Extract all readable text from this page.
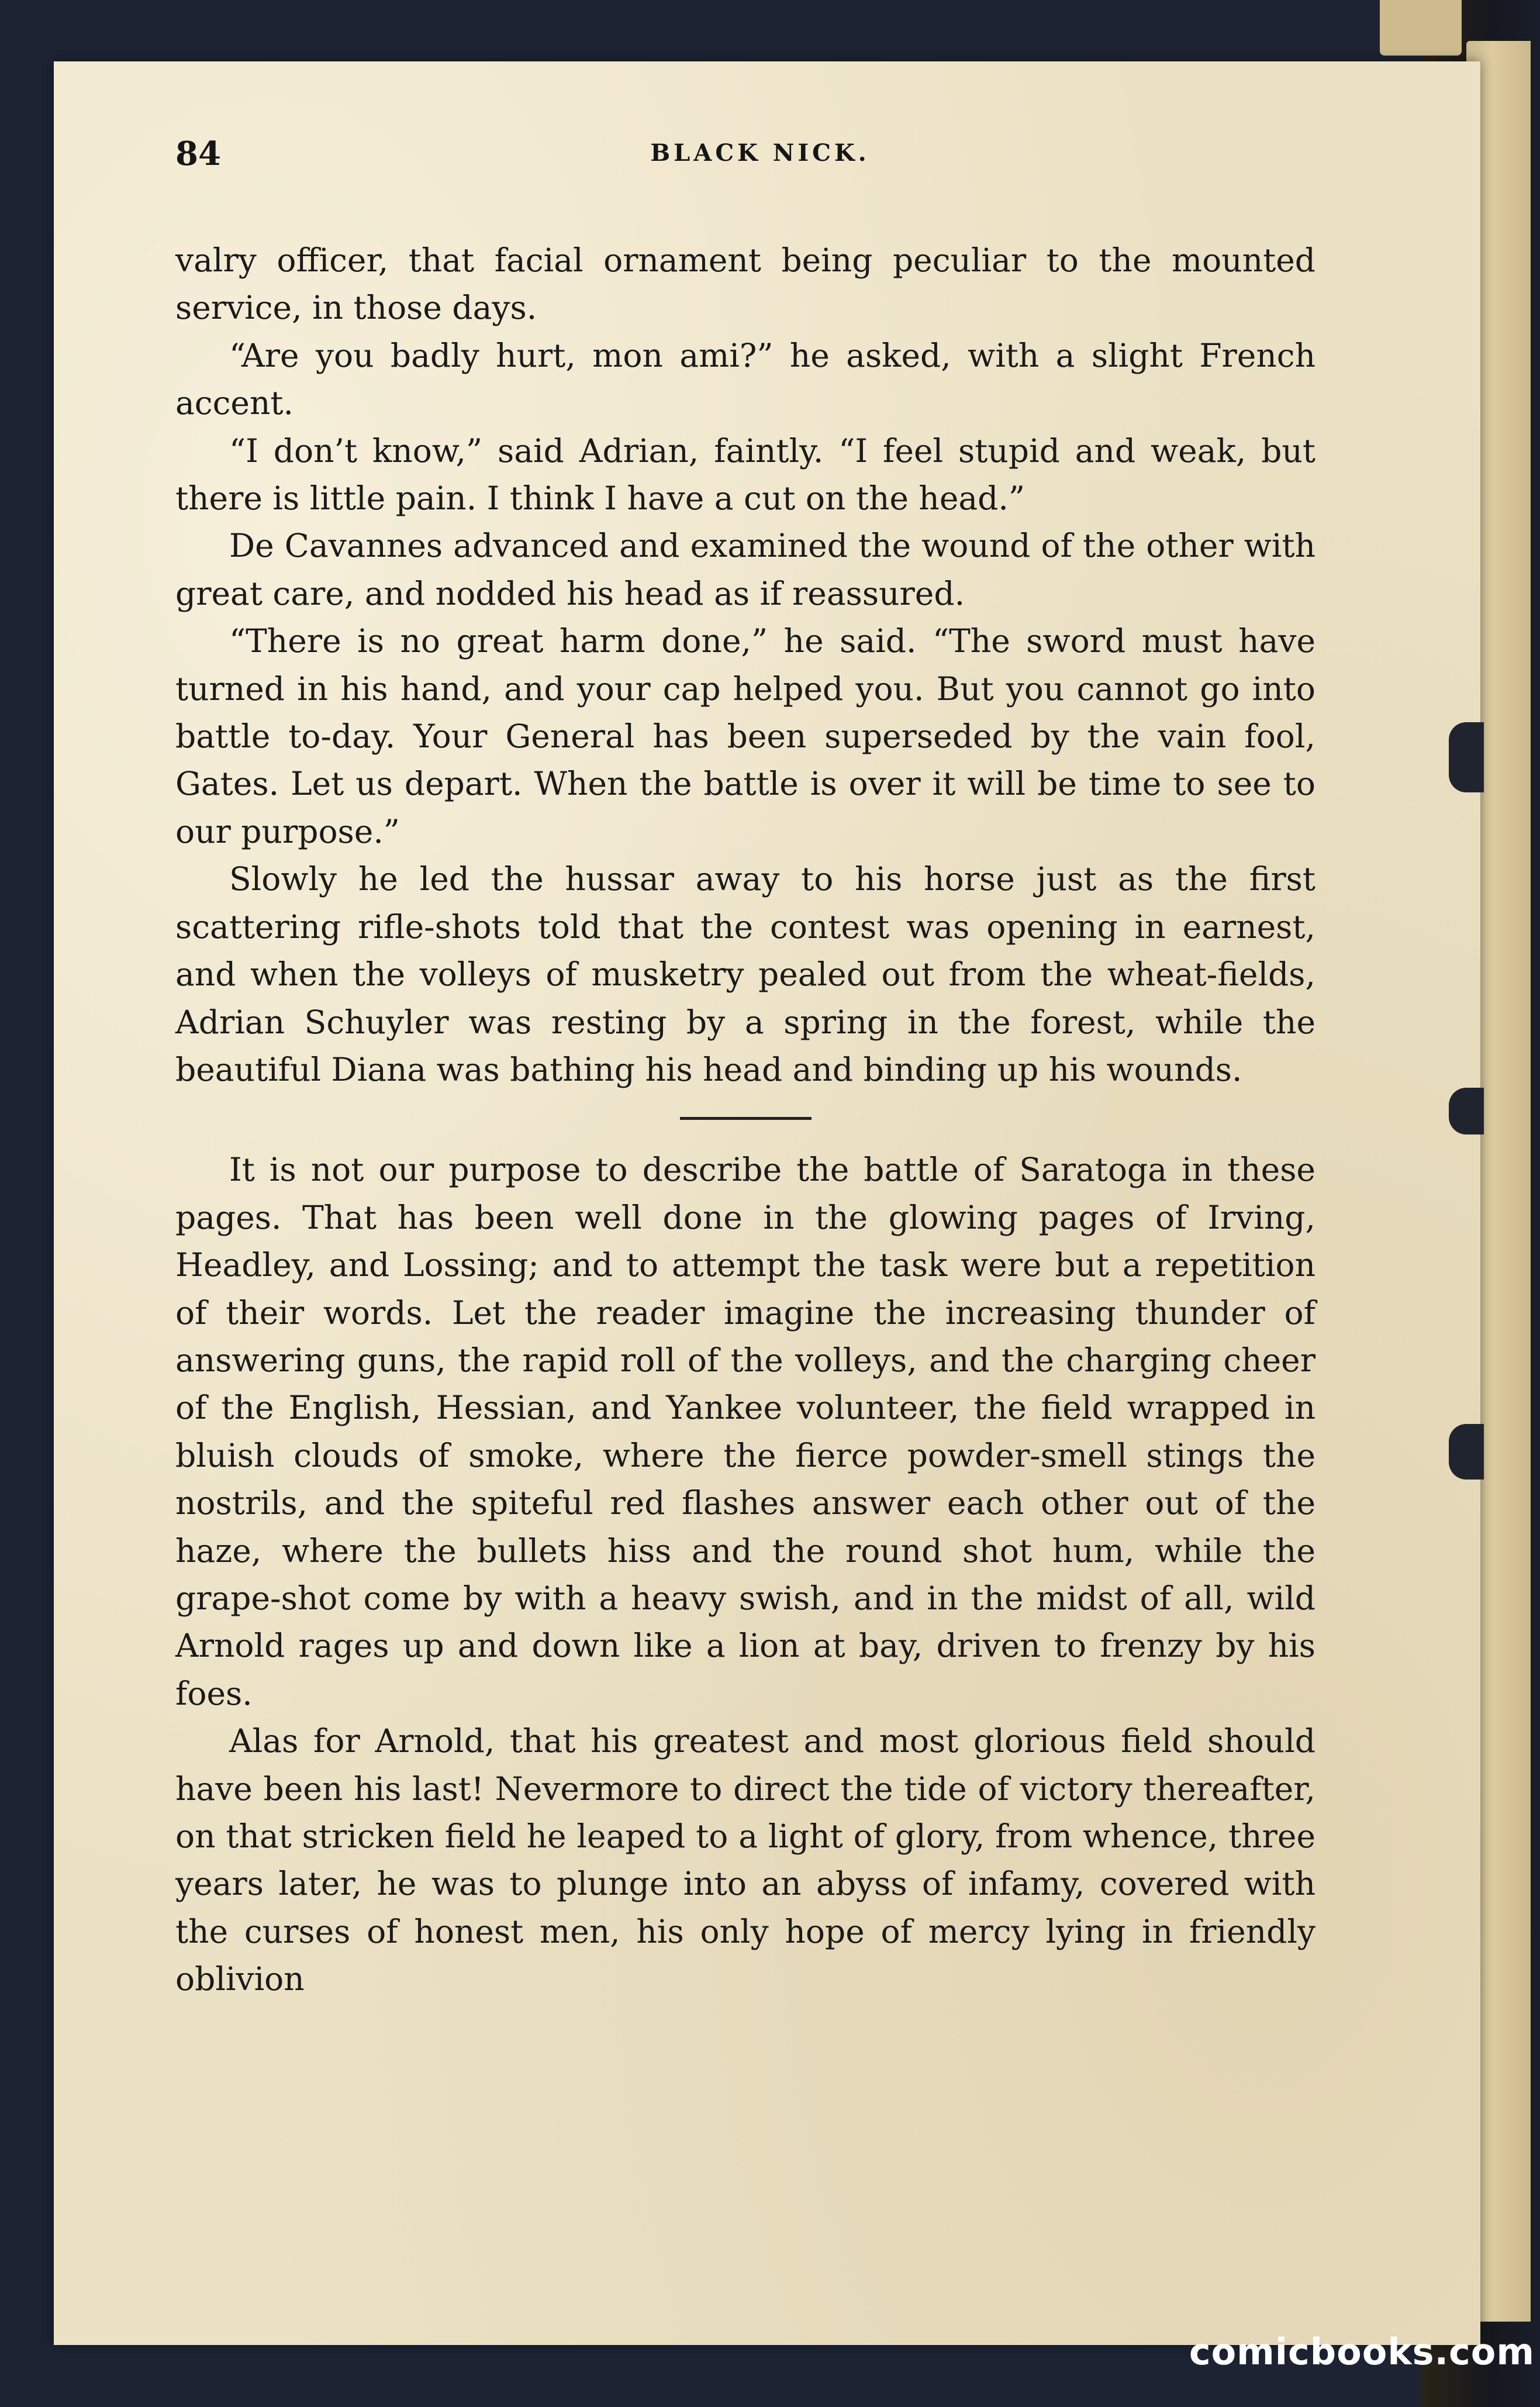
84	BLACK NICK.

valry officer, that facial ornament being peculiar to the mounted service, in those days.

“Are you badly hurt, mon ami?” he asked, with a slight French accent.

“I don’t know,” said Adrian, faintly. “I feel stupid and weak, but there is little pain. I think I have a cut on the head.”

De Cavannes advanced and examined the wound of the other with great care, and nodded his head as if reassured.

“There is no great harm done,” he said. “The sword must have turned in his hand, and your cap helped you. But you cannot go into battle to-day. Your General has been superseded by the vain fool, Gates. Let us depart. When the battle is over it will be time to see to our purpose.”

Slowly he led the hussar away to his horse just as the first scattering rifle-shots told that the contest was opening in earnest, and when the volleys of musketry pealed out from the wheat-fields, Adrian Schuyler was resting by a spring in the forest, while the beautiful Diana was bathing his head and binding up his wounds.

It is not our purpose to describe the battle of Saratoga in these pages. That has been well done in the glowing pages of Irving, Headley, and Lossing; and to attempt the task were but a repetition of their words. Let the reader imagine the increasing thunder of answering guns, the rapid roll of the volleys, and the charging cheer of the English, Hessian, and Yankee volunteer, the field wrapped in bluish clouds of smoke, where the fierce powder-smell stings the nostrils, and the spiteful red flashes answer each other out of the haze, where the bullets hiss and the round shot hum, while the grape-shot come by with a heavy swish, and in the midst of all, wild Arnold rages up and down like a lion at bay, driven to frenzy by his foes.

Alas for Arnold, that his greatest and most glorious field should have been his last! Nevermore to direct the tide of victory thereafter, on that stricken field he leaped to a light of glory, from whence, three years later, he was to plunge into an abyss of infamy, covered with the curses of honest men, his only hope of mercy lying in friendly oblivion

comicbooks.com
